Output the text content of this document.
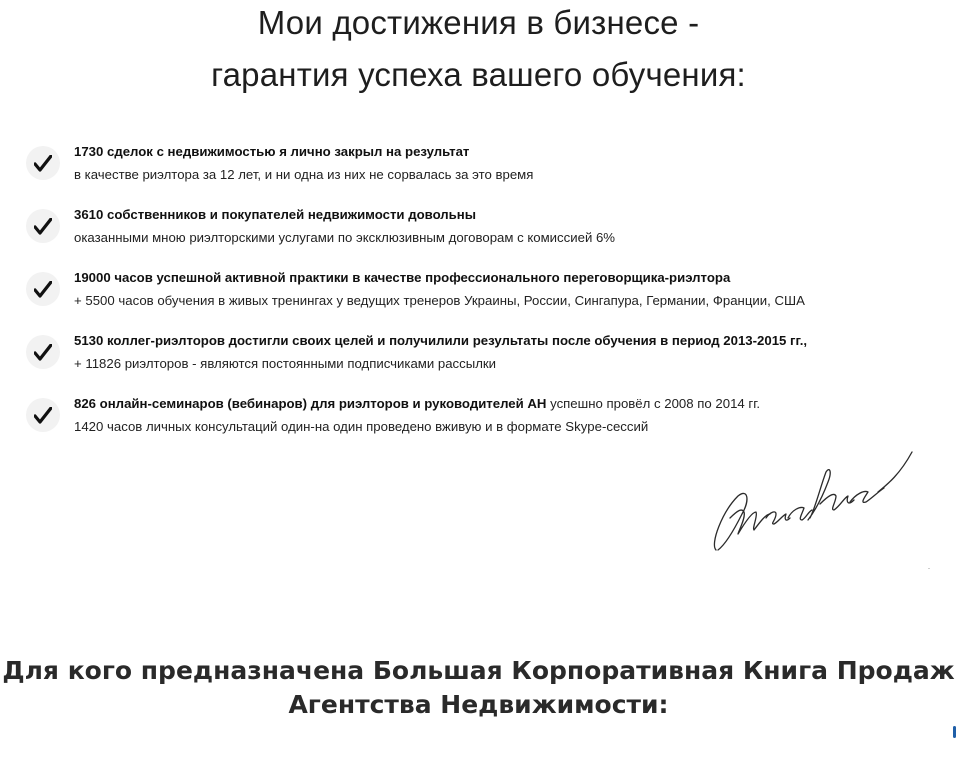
Мои достижения в бизнесе -
гарантия успеха вашего обучения:
1730 сделок с недвижимостью я лично закрыл на результат
в качестве риэлтора за 12 лет, и ни одна из них не сорвалась за это время
3610 собственников и покупателей недвижимости довольны
оказанными мною риэлторскими услугами по эксклюзивным договорам с комиссией 6%
19000 часов успешной активной практики в качестве профессионального переговорщика-риэлтора
+ 5500 часов обучения в живых тренингах у ведущих тренеров Украины, России, Сингапура, Германии, Франции, США
5130 коллег-риэлторов достигли своих целей и получилили результаты после обучения в период 2013-2015 гг.,
+ 11826 риэлторов - являются постоянными подписчиками рассылки
826 онлайн-семинаров (вебинаров) для риэлторов и руководителей АН успешно провёл с 2008 по 2014 гг.
1420 часов личных консультаций один-на один проведено вживую и в формате Skype-сессий
Для кого предназначена Большая Корпоративная Книга Продаж
Агентства Недвижимости:
